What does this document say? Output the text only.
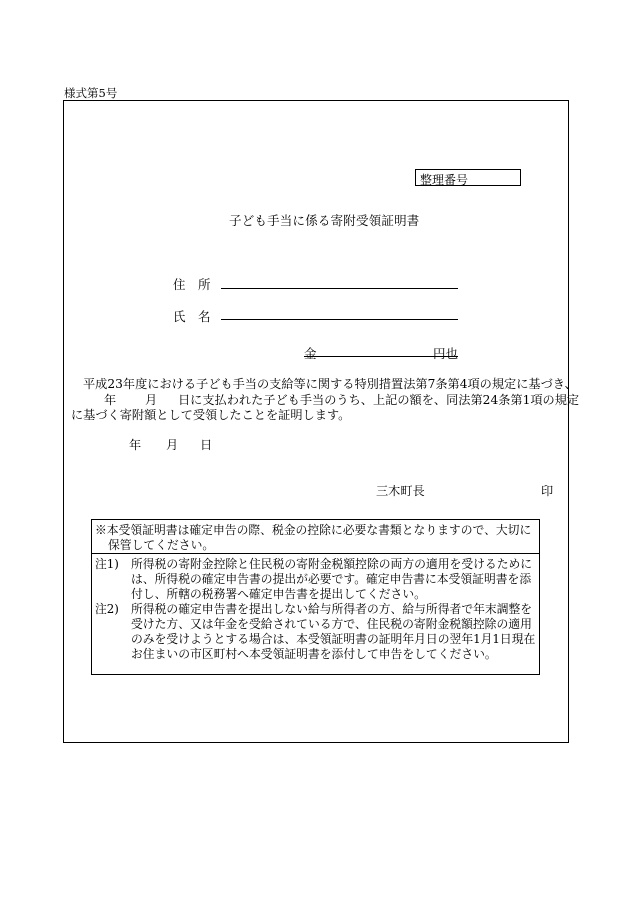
様式第5号
整理番号
子ども手当に係る寄附受領証明書
住 所
氏 名
金	円也
平成23年度における子ども手当の支給等に関する特別措置法第7条第4項の規定に基づき、
年 月 日に支払われた子ども手当のうち、上記の額を、同法第24条第1項の規定
に基づく寄附額として受領したことを証明します。
年 月 日
三木町長	印
※本受領証明書は確定申告の際、税金の控除に必要な書類となりますので、大切に
保管してください。
注1) 所得税の寄附金控除と住民税の寄附金税額控除の両方の適用を受けるために
は、所得税の確定申告書の提出が必要です。確定申告書に本受領証明書を添
付し、所轄の税務署へ確定申告書を提出してください。
注2) 所得税の確定申告書を提出しない給与所得者の方、給与所得者で年末調整を
受けた方、又は年金を受給されている方で、住民税の寄附金税額控除の適用
のみを受けようとする場合は、本受領証明書の証明年月日の翌年1月1日現在
お住まいの市区町村へ本受領証明書を添付して申告をしてください。
